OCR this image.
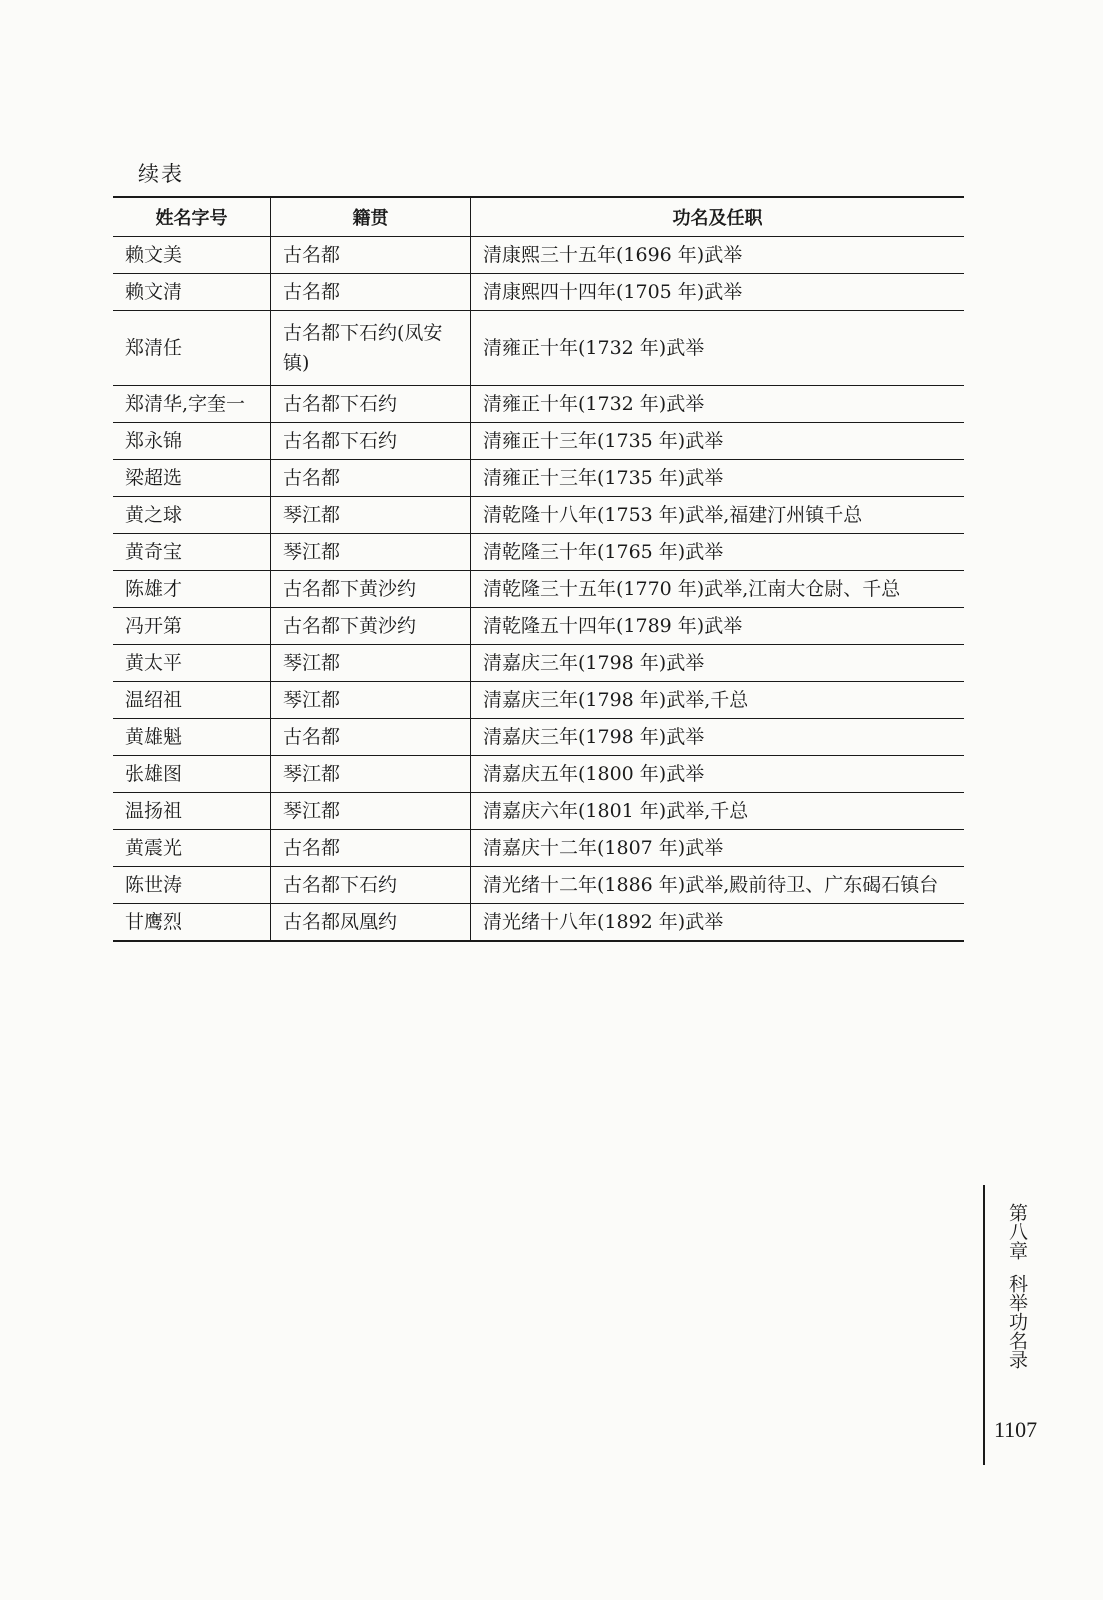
续表
姓名字号	籍贯	功名及任职
赖文美	古名都	清康熙三十五年(1696 年)武举
赖文清	古名都	清康熙四十四年(1705 年)武举
郑清任	古名都下石约(凤安镇)	清雍正十年(1732 年)武举
郑清华,字奎一	古名都下石约	清雍正十年(1732 年)武举
郑永锦	古名都下石约	清雍正十三年(1735 年)武举
梁超选	古名都	清雍正十三年(1735 年)武举
黄之球	琴江都	清乾隆十八年(1753 年)武举,福建汀州镇千总
黄奇宝	琴江都	清乾隆三十年(1765 年)武举
陈雄才	古名都下黄沙约	清乾隆三十五年(1770 年)武举,江南大仓尉、千总
冯开第	古名都下黄沙约	清乾隆五十四年(1789 年)武举
黄太平	琴江都	清嘉庆三年(1798 年)武举
温绍祖	琴江都	清嘉庆三年(1798 年)武举,千总
黄雄魁	古名都	清嘉庆三年(1798 年)武举
张雄图	琴江都	清嘉庆五年(1800 年)武举
温扬祖	琴江都	清嘉庆六年(1801 年)武举,千总
黄震光	古名都	清嘉庆十二年(1807 年)武举
陈世涛	古名都下石约	清光绪十二年(1886 年)武举,殿前待卫、广东碣石镇台
甘鹰烈	古名都凤凰约	清光绪十八年(1892 年)武举
第八章科举功名录
1107
